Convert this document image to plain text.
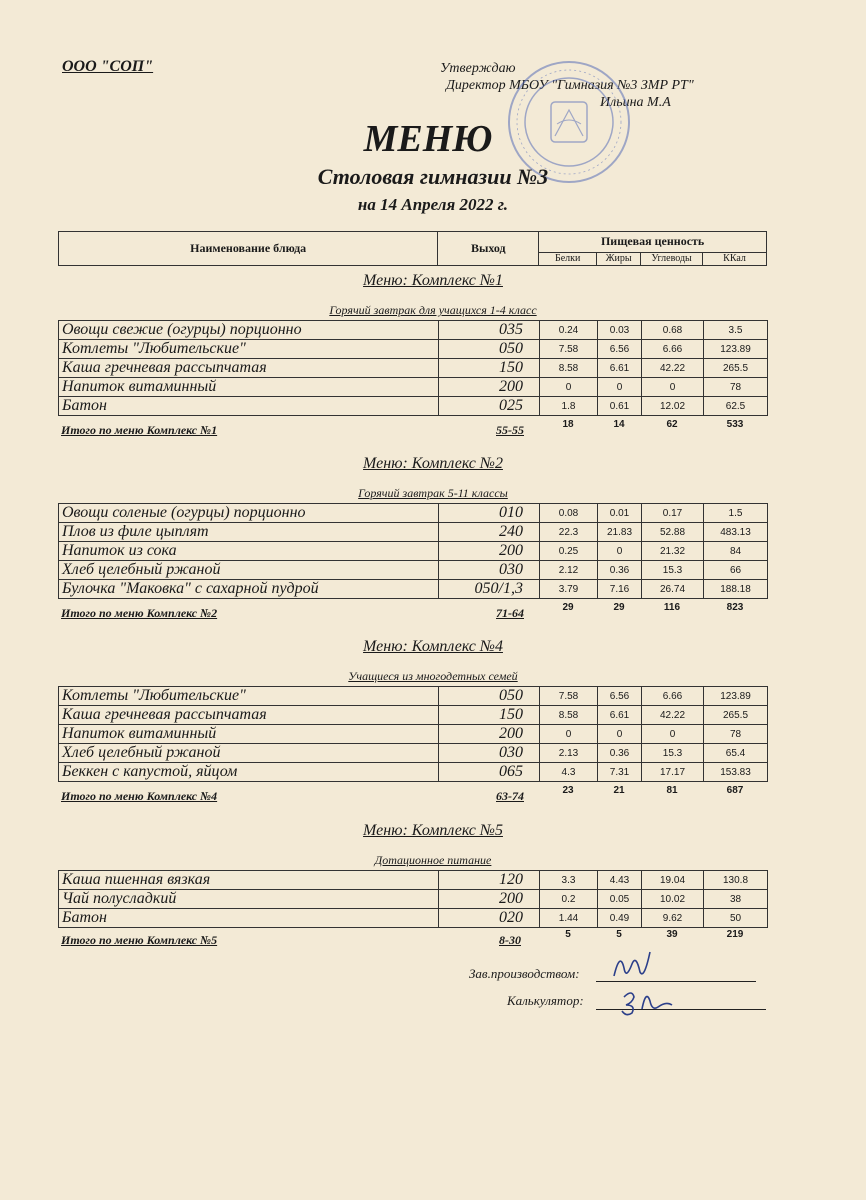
ООО "СОП"	Утверждаю
Директор МБОУ "Гимназия №3 ЗМР РТ"
Ильина М.А
МЕНЮ
Столовая гимназии №3
на 14 Апреля 2022 г.
Наименование блюда	Выход	Пищевая ценность			
		Белки	Жиры	Углеводы	ККал
Меню: Комплекс №1
Горячий завтрак для учащихся 1-4 класс
Овощи свежие (огурцы) порционно	035	0.24	0.03	0.68	3.5
Котлеты "Любительские"	050	7.58	6.56	6.66	123.89
Каша гречневая рассыпчатая	150	8.58	6.61	42.22	265.5
Напиток витаминный	200	0	0	0	78
Батон	025	1.8	0.61	12.02	62.5
Итого по меню Комплекс №1	55-55	18	14	62	533
Меню: Комплекс №2
Горячий завтрак 5-11 классы
Овощи соленые (огурцы) порционно	010	0.08	0.01	0.17	1.5
Плов из филе цыплят	240	22.3	21.83	52.88	483.13
Напиток из сока	200	0.25	0	21.32	84
Хлеб целебный ржаной	030	2.12	0.36	15.3	66
Булочка "Маковка" с сахарной пудрой	050/1,3	3.79	7.16	26.74	188.18
Итого по меню Комплекс №2	71-64	29	29	116	823
Меню: Комплекс №4
Учащиеся из многодетных семей
Котлеты "Любительские"	050	7.58	6.56	6.66	123.89
Каша гречневая рассыпчатая	150	8.58	6.61	42.22	265.5
Напиток витаминный	200	0	0	0	78
Хлеб целебный ржаной	030	2.13	0.36	15.3	65.4
Беккен с капустой, яйцом	065	4.3	7.31	17.17	153.83
Итого по меню Комплекс №4	63-74	23	21	81	687
Меню: Комплекс №5
Дотационное питание
Каша пшенная вязкая	120	3.3	4.43	19.04	130.8
Чай полусладкий	200	0.2	0.05	10.02	38
Батон	020	1.44	0.49	9.62	50
Итого по меню Комплекс №5	8-30	5	5	39	219
Зав.производством:
Калькулятор:
